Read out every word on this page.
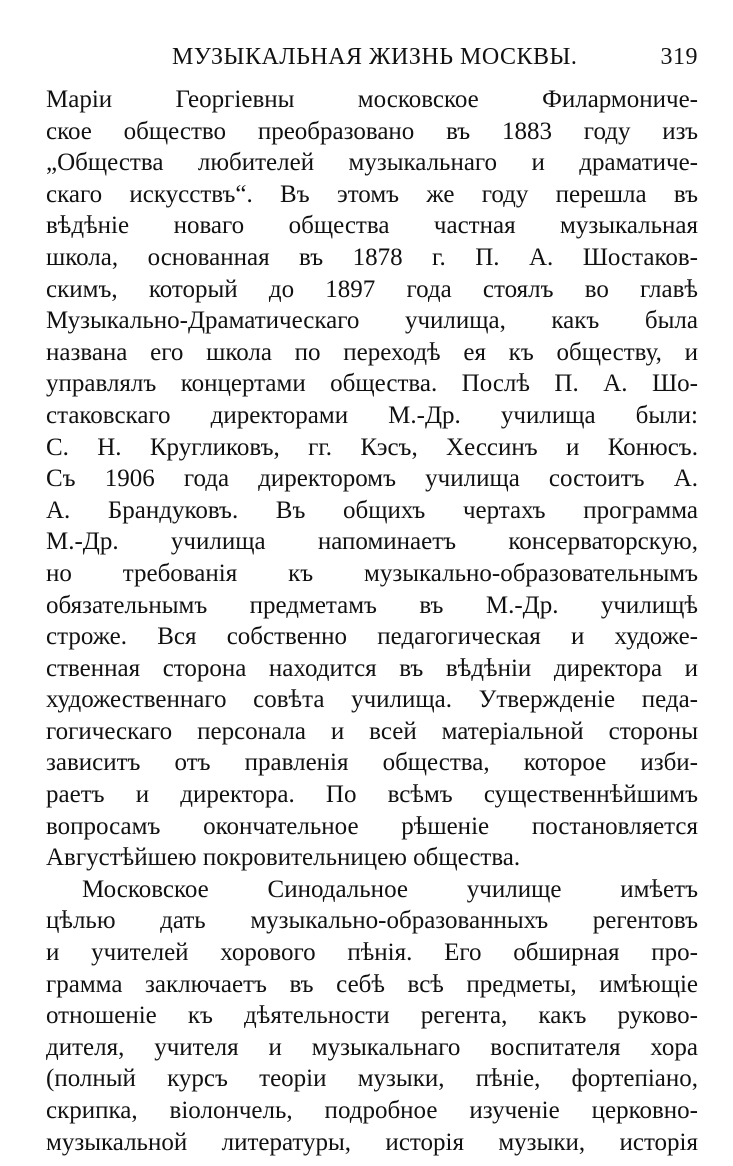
МУЗЫКАЛЬНАЯ ЖИЗНЬ МОСКВЫ.	319
Маріи Георгіевны московское Филармониче-
ское общество преобразовано въ 1883 году изъ
„Общества любителей музыкальнаго и драматиче-
скаго искусствъ“. Въ этомъ же году перешла въ
вѣдѣніе новаго общества частная музыкальная
школа, основанная въ 1878 г. П. А. Шостаков-
скимъ, который до 1897 года стоялъ во главѣ
Музыкально-Драматическаго училища, какъ была
названа его школа по переходѣ ея къ обществу, и
управлялъ концертами общества. Послѣ П. А. Шо-
стаковскаго директорами М.-Др. училища были:
С. Н. Кругликовъ, гг. Кэсъ, Хессинъ и Конюсъ.
Съ 1906 года директоромъ училища состоитъ А.
А. Брандуковъ. Въ общихъ чертахъ программа
М.-Др. училища напоминаетъ консерваторскую,
но требованія къ музыкально-образовательнымъ
обязательнымъ предметамъ въ М.-Др. училищѣ
строже. Вся собственно педагогическая и художе-
ственная сторона находится въ вѣдѣніи директора и
художественнаго совѣта училища. Утвержденіе педа-
гогическаго персонала и всей матеріальной стороны
зависитъ отъ правленія общества, которое изби-
раетъ и директора. По всѣмъ существеннѣйшимъ
вопросамъ окончательное рѣшеніе постановляется
Августѣйшею покровительницею общества.
Московское Синодальное училище имѣетъ
цѣлью дать музыкально-образованныхъ регентовъ
и учителей хорового пѣнія. Его обширная про-
грамма заключаетъ въ себѣ всѣ предметы, имѣющіе
отношеніе къ дѣятельности регента, какъ руково-
дителя, учителя и музыкальнаго воспитателя хора
(полный курсъ теоріи музыки, пѣніе, фортепіано,
скрипка, віолончель, подробное изученіе церковно-
музыкальной литературы, исторія музыки, исторія
